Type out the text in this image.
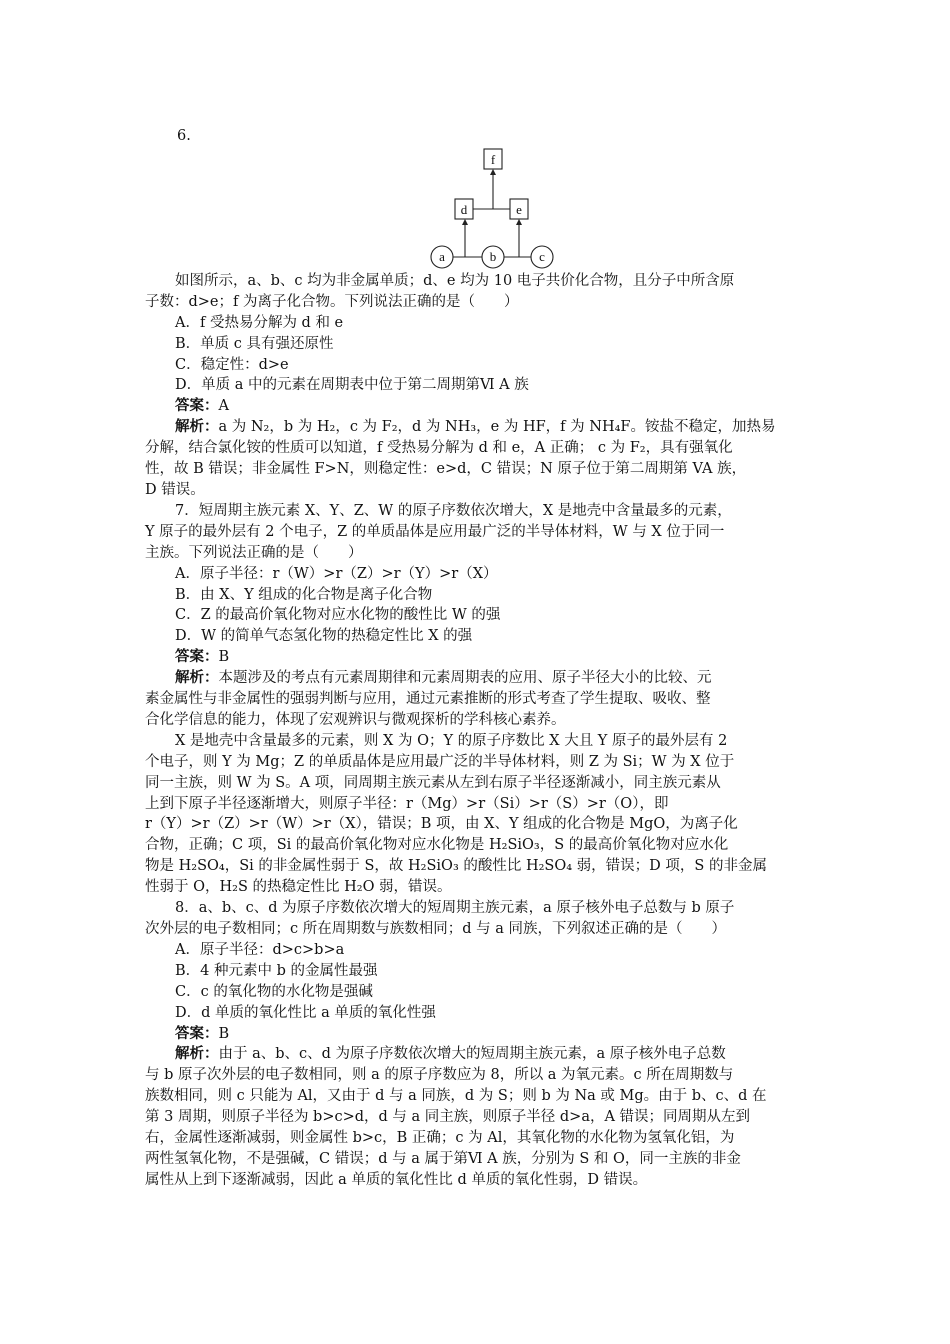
6.
f
d	e
a	b	c
如图所示，a、b、c 均为非金属单质；d、e 均为 10 电子共价化合物，且分子中所含原
子数：d>e；f 为离子化合物。下列说法正确的是（　　）
A．f 受热易分解为 d 和 e
B．单质 c 具有强还原性
C．稳定性：d>e
D．单质 a 中的元素在周期表中位于第二周期第Ⅵ A 族
答案：A
解析：a 为 N₂，b 为 H₂，c 为 F₂，d 为 NH₃，e 为 HF，f 为 NH₄F。铵盐不稳定，加热易
分解，结合氯化铵的性质可以知道，f 受热易分解为 d 和 e，A 正确； c 为 F₂，具有强氧化
性，故 B 错误；非金属性 F>N，则稳定性：e>d，C 错误；N 原子位于第二周期第 VA 族，
D 错误。
7．短周期主族元素 X、Y、Z、W 的原子序数依次增大，X 是地壳中含量最多的元素，
Y 原子的最外层有 2 个电子，Z 的单质晶体是应用最广泛的半导体材料，W 与 X 位于同一
主族。下列说法正确的是（　　）
A．原子半径：r（W）>r（Z）>r（Y）>r（X）
B．由 X、Y 组成的化合物是离子化合物
C．Z 的最高价氧化物对应水化物的酸性比 W 的强
D．W 的简单气态氢化物的热稳定性比 X 的强
答案：B
解析：本题涉及的考点有元素周期律和元素周期表的应用、原子半径大小的比较、元
素金属性与非金属性的强弱判断与应用，通过元素推断的形式考查了学生提取、吸收、整
合化学信息的能力，体现了宏观辨识与微观探析的学科核心素养。
X 是地壳中含量最多的元素，则 X 为 O；Y 的原子序数比 X 大且 Y 原子的最外层有 2
个电子，则 Y 为 Mg；Z 的单质晶体是应用最广泛的半导体材料，则 Z 为 Si；W 为 X 位于
同一主族，则 W 为 S。A 项，同周期主族元素从左到右原子半径逐渐减小，同主族元素从
上到下原子半径逐渐增大，则原子半径：r（Mg）>r（Si）>r（S）>r（O），即
r（Y）>r（Z）>r（W）>r（X），错误；B 项，由 X、Y 组成的化合物是 MgO，为离子化
合物，正确；C 项，Si 的最高价氧化物对应水化物是 H₂SiO₃，S 的最高价氧化物对应水化
物是 H₂SO₄，Si 的非金属性弱于 S，故 H₂SiO₃ 的酸性比 H₂SO₄ 弱，错误；D 项，S 的非金属
性弱于 O，H₂S 的热稳定性比 H₂O 弱，错误。
8．a、b、c、d 为原子序数依次增大的短周期主族元素，a 原子核外电子总数与 b 原子
次外层的电子数相同；c 所在周期数与族数相同；d 与 a 同族，下列叙述正确的是（　　）
A．原子半径：d>c>b>a
B．4 种元素中 b 的金属性最强
C．c 的氧化物的水化物是强碱
D．d 单质的氧化性比 a 单质的氧化性强
答案：B
解析：由于 a、b、c、d 为原子序数依次增大的短周期主族元素，a 原子核外电子总数
与 b 原子次外层的电子数相同，则 a 的原子序数应为 8，所以 a 为氧元素。c 所在周期数与
族数相同，则 c 只能为 Al，又由于 d 与 a 同族，d 为 S；则 b 为 Na 或 Mg。由于 b、c、d 在
第 3 周期，则原子半径为 b>c>d，d 与 a 同主族，则原子半径 d>a，A 错误；同周期从左到
右，金属性逐渐减弱，则金属性 b>c，B 正确；c 为 Al，其氧化物的水化物为氢氧化铝，为
两性氢氧化物，不是强碱，C 错误；d 与 a 属于第Ⅵ A 族，分别为 S 和 O，同一主族的非金
属性从上到下逐渐减弱，因此 a 单质的氧化性比 d 单质的氧化性弱，D 错误。
